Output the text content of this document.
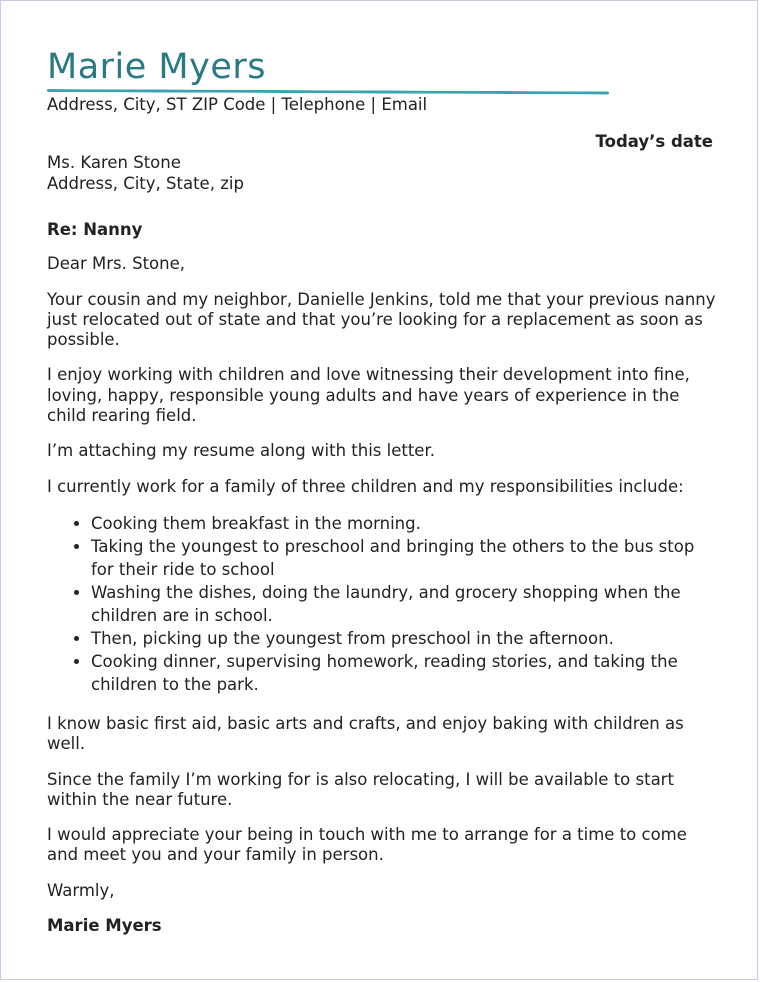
Marie Myers
Address, City, ST ZIP Code | Telephone | Email
Today’s date
Ms. Karen Stone
Address, City, State, zip

Re: Nanny

Dear Mrs. Stone,

Your cousin and my neighbor, Danielle Jenkins, told me that your previous nanny just relocated out of state and that you’re looking for a replacement as soon as possible.

I enjoy working with children and love witnessing their development into fine, loving, happy, responsible young adults and have years of experience in the child rearing field.

I’m attaching my resume along with this letter.

I currently work for a family of three children and my responsibilities include:

• Cooking them breakfast in the morning.
• Taking the youngest to preschool and bringing the others to the bus stop for their ride to school
• Washing the dishes, doing the laundry, and grocery shopping when the children are in school.
• Then, picking up the youngest from preschool in the afternoon.
• Cooking dinner, supervising homework, reading stories, and taking the children to the park.

I know basic first aid, basic arts and crafts, and enjoy baking with children as well.

Since the family I’m working for is also relocating, I will be available to start within the near future.

I would appreciate your being in touch with me to arrange for a time to come and meet you and your family in person.

Warmly,

Marie Myers
